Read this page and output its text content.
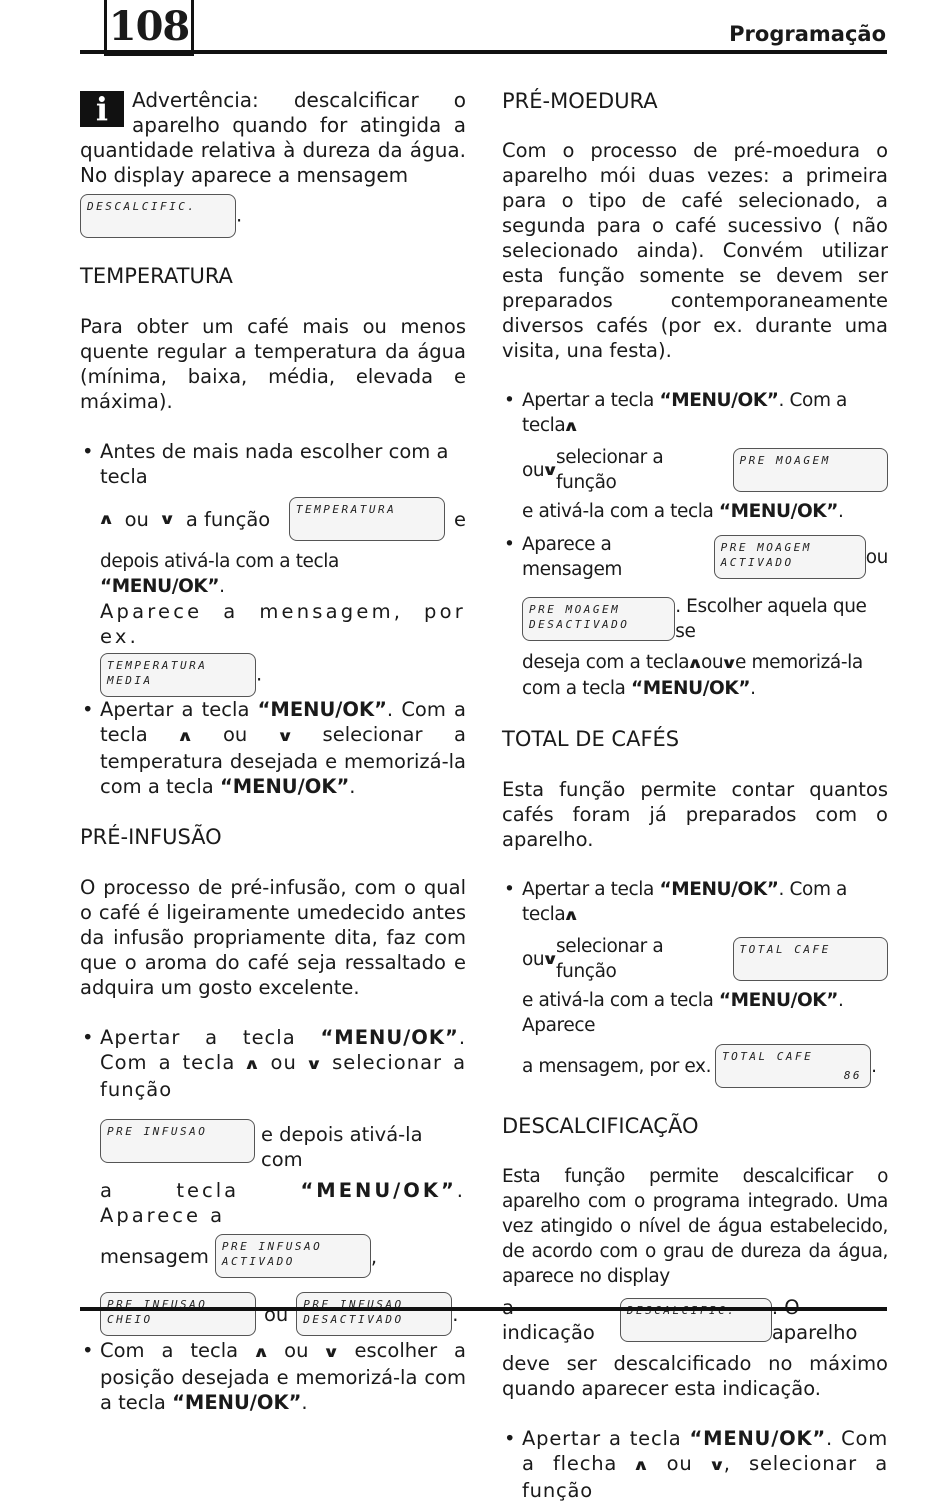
108	Programação
i	Advertência: descalcificar o aparelho quando for atingida a quantidade relativa à dureza da água. No display aparece a mensagem
DESCALCIFIC.	.
TEMPERATURA

Para obter um café mais ou menos quente regular a temperatura da água (mínima, baixa, média, elevada e máxima).

• Antes de mais nada escolher com a tecla

∧
ou
∨
a função
TEMPERATURA	e

depois ativá-la com a tecla “MENU/OK”.

Aparece a mensagem, por ex.

TEMPERATURA
MEDIA	.
• Apertar a tecla “MENU/OK”. Com a tecla ∧ ou ∨ selecionar a temperatura desejada e memorizá-la com a tecla “MENU/OK”.
PRÉ-INFUSÃO

O processo de pré-infusão, com o qual o café é ligeiramente umedecido antes da infusão propriamente dita, faz com que o aroma do café seja ressaltado e adquira um gosto excelente.

• Apertar a tecla “MENU/OK”. Com a tecla ∧ ou ∨ selecionar a função

PRE INFUSAO	e depois ativá-la com

a tecla	“MENU/OK”. Aparece a

mensagem PRE INFUSAO
ACTIVADO	,
PRE INFUSAO
CHEIO	ou PRE INFUSAO
DESACTIVADO	.
• Com a tecla ∧ ou ∨ escolher a posição desejada e memorizá-la com a tecla “MENU/OK”.
PRÉ-MOEDURA

Com o processo de pré-moedura o aparelho mói duas vezes: a primeira para o tipo de café selecionado, a segunda para o café sucessivo ( não selecionado ainda). Convém utilizar esta função somente se devem ser preparados contemporaneamente diversos cafés (por ex. durante uma visita, una festa).

• Apertar a tecla “MENU/OK”. Com a tecla∧

ou
∨
selecionar a função
PRE MOAGEM

e ativá-la com a tecla “MENU/OK”.

• Aparece a mensagem
PRE MOAGEM
ACTIVADO	ou
PRE MOAGEM
DESACTIVADO
. Escolher aquela que se

deseja com a tecla∧ou∨e memorizá-la com a tecla “MENU/OK”.

TOTAL DE CAFÉS

Esta função permite contar quantos cafés foram já preparados com o aparelho.

• Apertar a tecla “MENU/OK”. Com a tecla∧

ou
∨
selecionar a função
TOTAL CAFE

e ativá-la com a tecla “MENU/OK”. Aparece

a mensagem, por ex. TOTAL CAFE
86 .
DESCALCIFICAÇÃO

Esta função permite descalcificar o aparelho com o programa integrado. Uma vez atingido o nível de água estabelecido, de acordo com o grau de dureza da água, aparece no display

a indicação
DESCALCIFIC.	. O aparelho

deve ser descalcificado no máximo quando aparecer esta indicação.

• Apertar a tecla “MENU/OK”. Com a flecha ∧ ou ∨, selecionar a função
